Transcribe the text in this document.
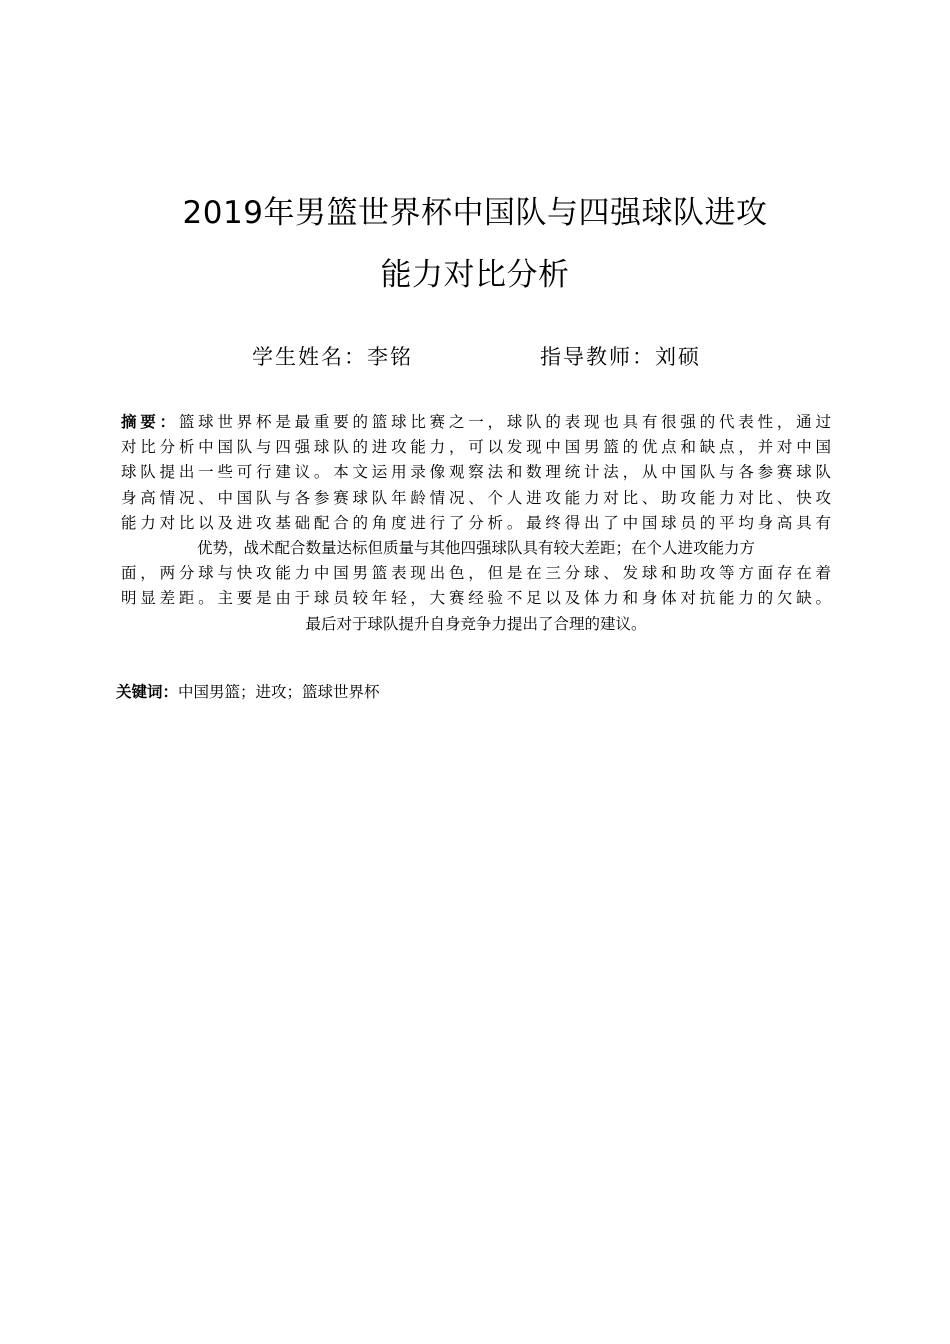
2019年男篮世界杯中国队与四强球队进攻
能力对比分析
学生姓名：李铭	指导教师：刘硕
摘要：篮球世界杯是最重要的篮球比赛之一，球队的表现也具有很强的代表性，通过
对比分析中国队与四强球队的进攻能力，可以发现中国男篮的优点和缺点，并对中国
球队提出一些可行建议。本文运用录像观察法和数理统计法，从中国队与各参赛球队
身高情况、中国队与各参赛球队年龄情况、个人进攻能力对比、助攻能力对比、快攻
能力对比以及进攻基础配合的角度进行了分析。最终得出了中国球员的平均身高具有
优势，战术配合数量达标但质量与其他四强球队具有较大差距；在个人进攻能力方
面，两分球与快攻能力中国男篮表现出色，但是在三分球、发球和助攻等方面存在着
明显差距。主要是由于球员较年轻，大赛经验不足以及体力和身体对抗能力的欠缺。
最后对于球队提升自身竞争力提出了合理的建议。
关键词：中国男篮；进攻；篮球世界杯
